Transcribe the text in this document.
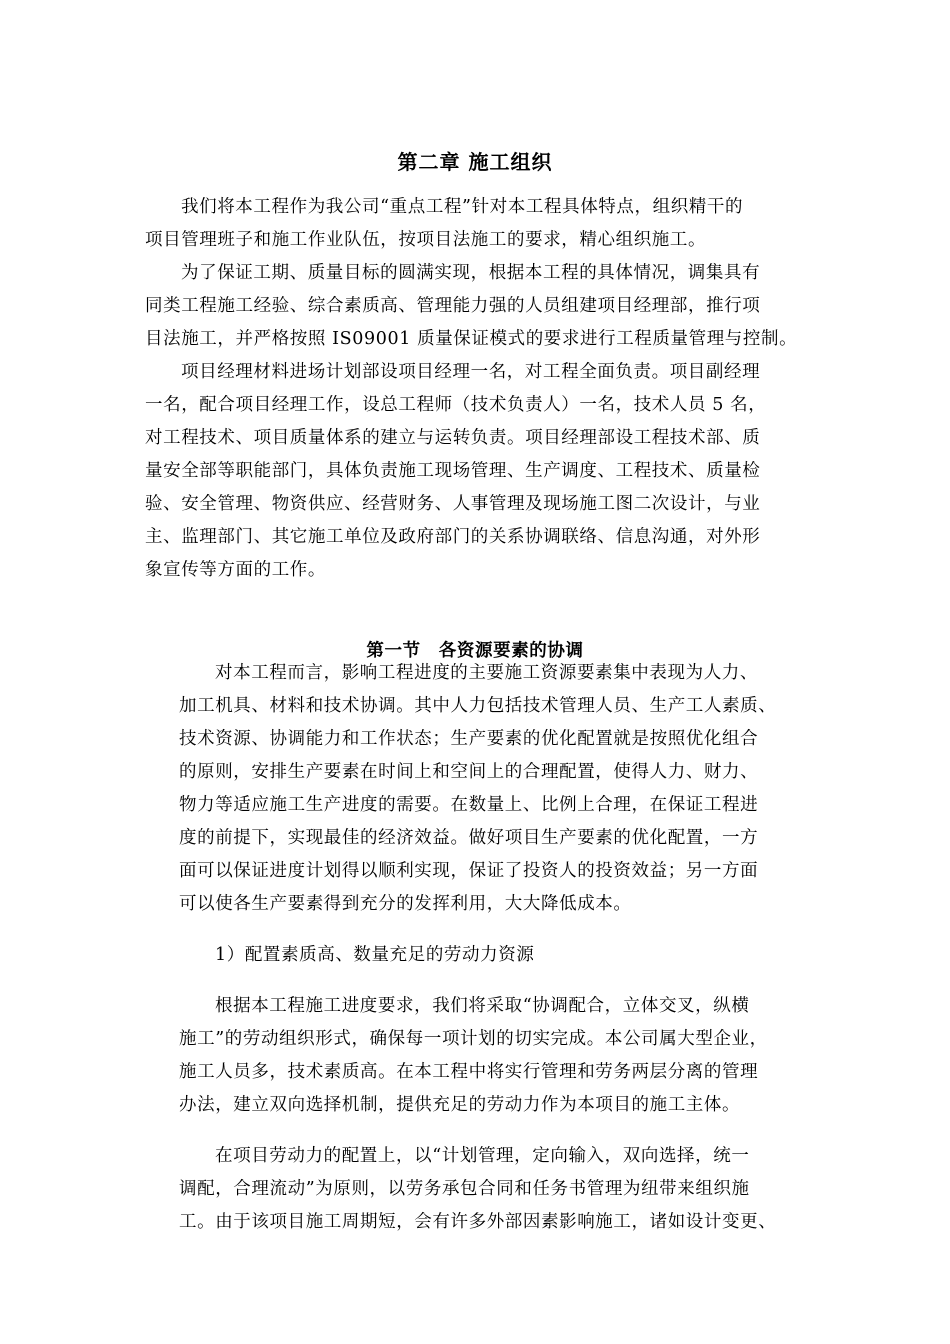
第二章 施工组织
我们将本工程作为我公司“重点工程”针对本工程具体特点，组织精干的
项目管理班子和施工作业队伍，按项目法施工的要求，精心组织施工。
为了保证工期、质量目标的圆满实现，根据本工程的具体情况，调集具有
同类工程施工经验、综合素质高、管理能力强的人员组建项目经理部，推行项
目法施工，并严格按照 IS09001 质量保证模式的要求进行工程质量管理与控制。
项目经理材料进场计划部设项目经理一名，对工程全面负责。项目副经理
一名，配合项目经理工作，设总工程师（技术负责人）一名，技术人员 5 名，
对工程技术、项目质量体系的建立与运转负责。项目经理部设工程技术部、质
量安全部等职能部门，具体负责施工现场管理、生产调度、工程技术、质量检
验、安全管理、物资供应、经营财务、人事管理及现场施工图二次设计，与业
主、监理部门、其它施工单位及政府部门的关系协调联络、信息沟通，对外形
象宣传等方面的工作。
第一节　各资源要素的协调
对本工程而言，影响工程进度的主要施工资源要素集中表现为人力、
加工机具、材料和技术协调。其中人力包括技术管理人员、生产工人素质、
技术资源、协调能力和工作状态；生产要素的优化配置就是按照优化组合
的原则，安排生产要素在时间上和空间上的合理配置，使得人力、财力、
物力等适应施工生产进度的需要。在数量上、比例上合理，在保证工程进
度的前提下，实现最佳的经济效益。做好项目生产要素的优化配置，一方
面可以保证进度计划得以顺利实现，保证了投资人的投资效益；另一方面
可以使各生产要素得到充分的发挥利用，大大降低成本。
1）配置素质高、数量充足的劳动力资源
根据本工程施工进度要求，我们将采取“协调配合，立体交叉，纵横
施工”的劳动组织形式，确保每一项计划的切实完成。本公司属大型企业，
施工人员多，技术素质高。在本工程中将实行管理和劳务两层分离的管理
办法，建立双向选择机制，提供充足的劳动力作为本项目的施工主体。
在项目劳动力的配置上，以“计划管理，定向输入，双向选择，统一
调配，合理流动”为原则，以劳务承包合同和任务书管理为纽带来组织施
工。由于该项目施工周期短，会有许多外部因素影响施工，诸如设计变更、
